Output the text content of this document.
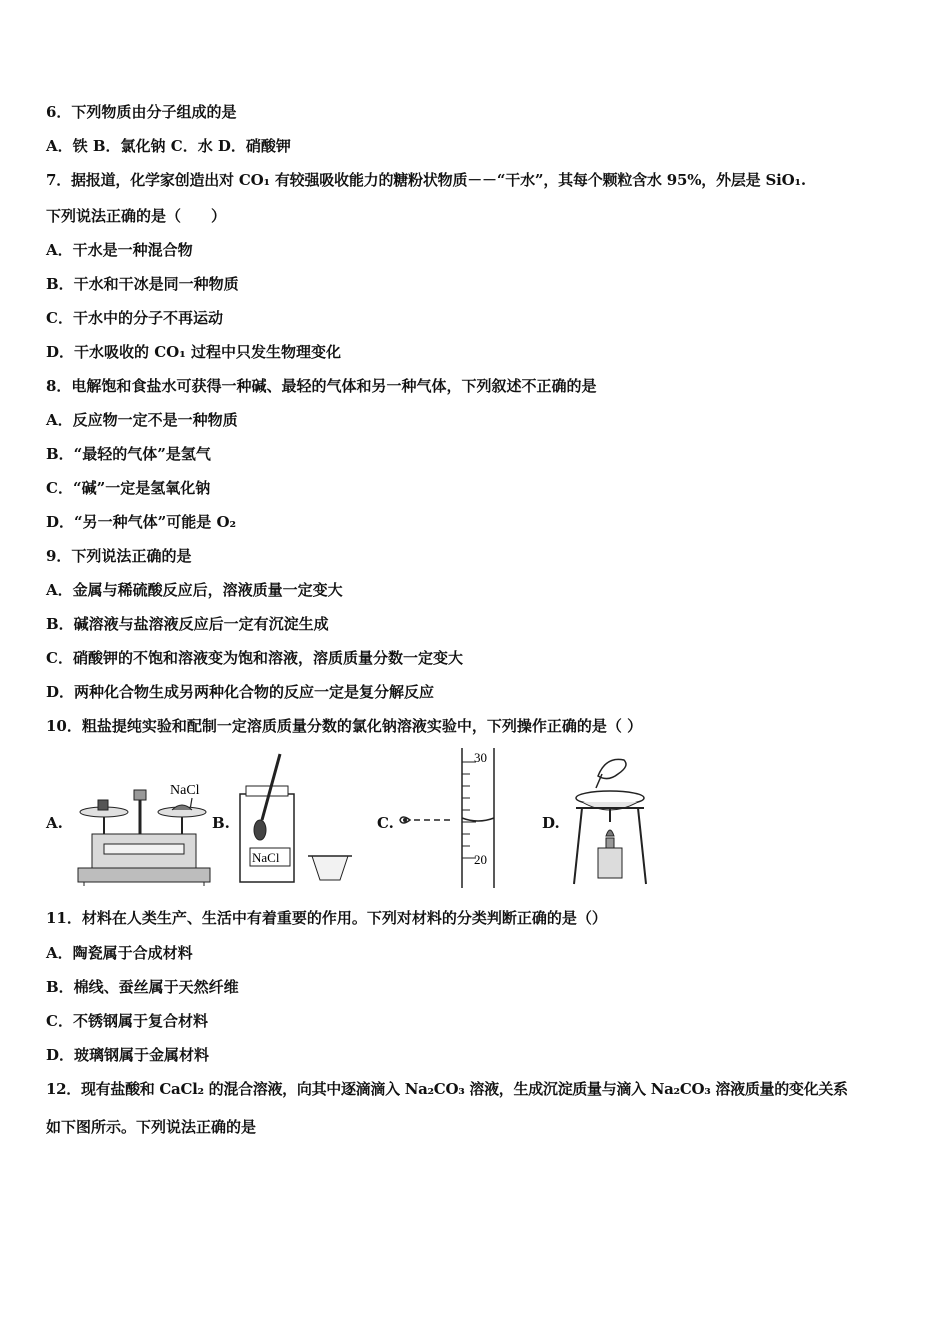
6．下列物质由分子组成的是
A．铁 B．氯化钠 C．水 D．硝酸钾
7．据报道，化学家创造出对 CO₁ 有较强吸收能力的糖粉状物质－－“干水”，其每个颗粒含水 95%，外层是 SiO₁.
下列说法正确的是（　　）
A．干水是一种混合物
B．干水和干冰是同一种物质
C．干水中的分子不再运动
D．干水吸收的 CO₁ 过程中只发生物理变化
8．电解饱和食盐水可获得一种碱、最轻的气体和另一种气体，下列叙述不正确的是
A．反应物一定不是一种物质
B．“最轻的气体”是氢气
C．“碱”一定是氢氧化钠
D．“另一种气体”可能是 O₂
9．下列说法正确的是
A．金属与稀硫酸反应后，溶液质量一定变大
B．碱溶液与盐溶液反应后一定有沉淀生成
C．硝酸钾的不饱和溶液变为饱和溶液，溶质质量分数一定变大
D．两种化合物生成另两种化合物的反应一定是复分解反应
10．粗盐提纯实验和配制一定溶质质量分数的氯化钠溶液实验中，下列操作正确的是（ ）
A.
NaCl
B.
NaCl
C.
30
20
D.
11．材料在人类生产、生活中有着重要的作用。下列对材料的分类判断正确的是（）
A．陶瓷属于合成材料
B．棉线、蚕丝属于天然纤维
C．不锈钢属于复合材料
D．玻璃钢属于金属材料
12．现有盐酸和 CaCl₂ 的混合溶液，向其中逐滴滴入 Na₂CO₃ 溶液，生成沉淀质量与滴入 Na₂CO₃ 溶液质量的变化关系
如下图所示。下列说法正确的是
